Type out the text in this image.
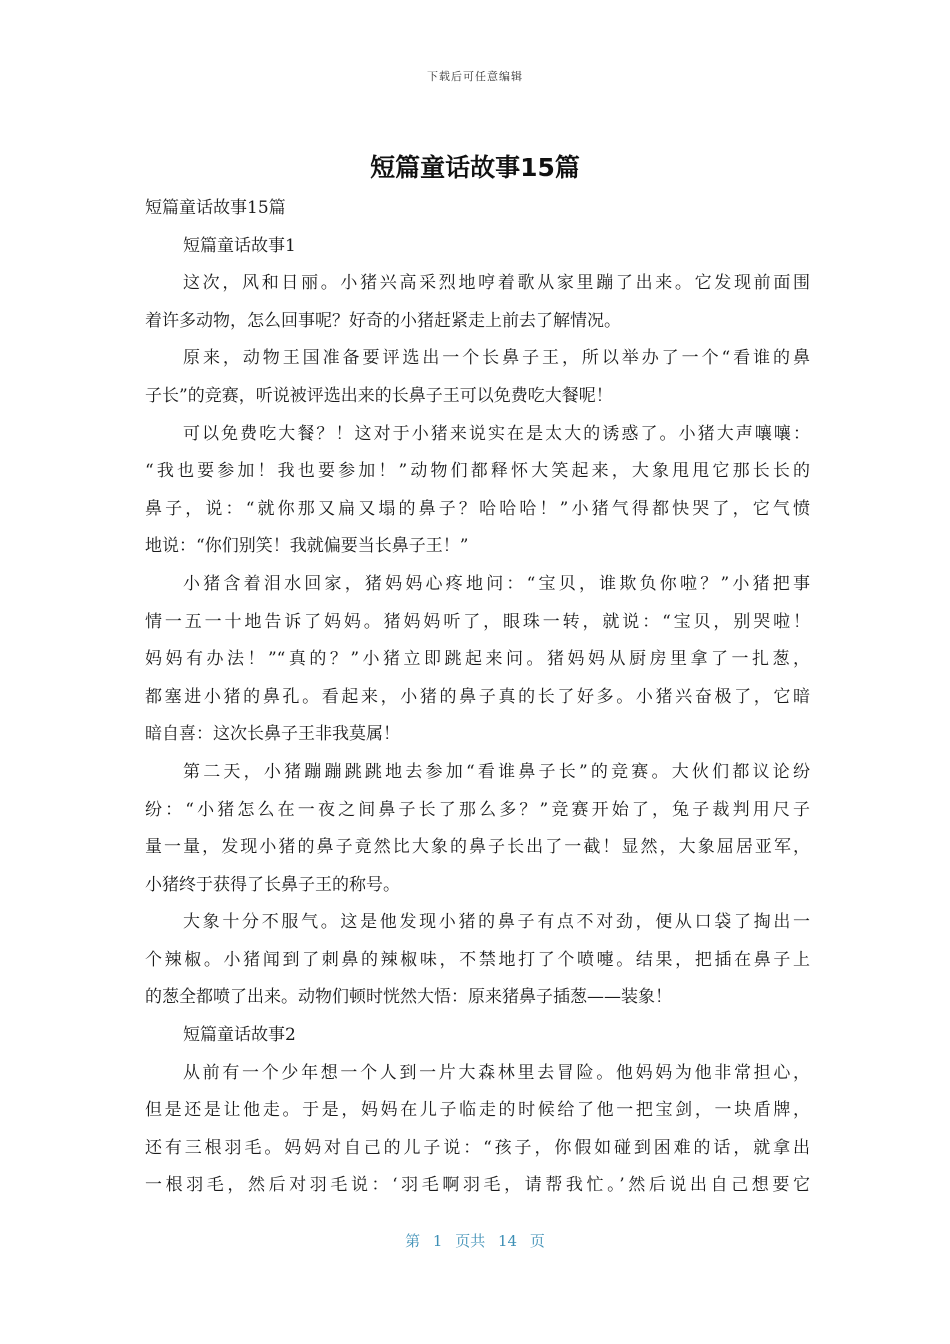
下载后可任意编辑
短篇童话故事15篇
短篇童话故事15篇
短篇童话故事1
这次，风和日丽。小猪兴高采烈地哼着歌从家里蹦了出来。它发现前面围
着许多动物，怎么回事呢？好奇的小猪赶紧走上前去了解情况。
原来，动物王国准备要评选出一个长鼻子王，所以举办了一个“看谁的鼻
子长”的竞赛，听说被评选出来的长鼻子王可以免费吃大餐呢！
可以免费吃大餐？！这对于小猪来说实在是太大的诱惑了。小猪大声嚷嚷：
“我也要参加！我也要参加！”动物们都释怀大笑起来，大象甩甩它那长长的
鼻子，说：“就你那又扁又塌的鼻子？哈哈哈！”小猪气得都快哭了，它气愤
地说：“你们别笑！我就偏要当长鼻子王！”
小猪含着泪水回家，猪妈妈心疼地问：“宝贝，谁欺负你啦？”小猪把事
情一五一十地告诉了妈妈。猪妈妈听了，眼珠一转，就说：“宝贝，别哭啦！
妈妈有办法！”“真的？”小猪立即跳起来问。猪妈妈从厨房里拿了一扎葱，
都塞进小猪的鼻孔。看起来，小猪的鼻子真的长了好多。小猪兴奋极了，它暗
暗自喜：这次长鼻子王非我莫属！
第二天，小猪蹦蹦跳跳地去参加“看谁鼻子长”的竞赛。大伙们都议论纷
纷：“小猪怎么在一夜之间鼻子长了那么多？”竞赛开始了，兔子裁判用尺子
量一量，发现小猪的鼻子竟然比大象的鼻子长出了一截！显然，大象屈居亚军，
小猪终于获得了长鼻子王的称号。
大象十分不服气。这是他发现小猪的鼻子有点不对劲，便从口袋了掏出一
个辣椒。小猪闻到了刺鼻的辣椒味，不禁地打了个喷嚏。结果，把插在鼻子上
的葱全都喷了出来。动物们顿时恍然大悟：原来猪鼻子插葱——装象！
短篇童话故事2
从前有一个少年想一个人到一片大森林里去冒险。他妈妈为他非常担心，
但是还是让他走。于是，妈妈在儿子临走的时候给了他一把宝剑，一块盾牌，
还有三根羽毛。妈妈对自己的儿子说：“孩子，你假如碰到困难的话，就拿出
一根羽毛，然后对羽毛说：‘羽毛啊羽毛，请帮我忙。’然后说出自己想要它
第 1 页共 14 页
